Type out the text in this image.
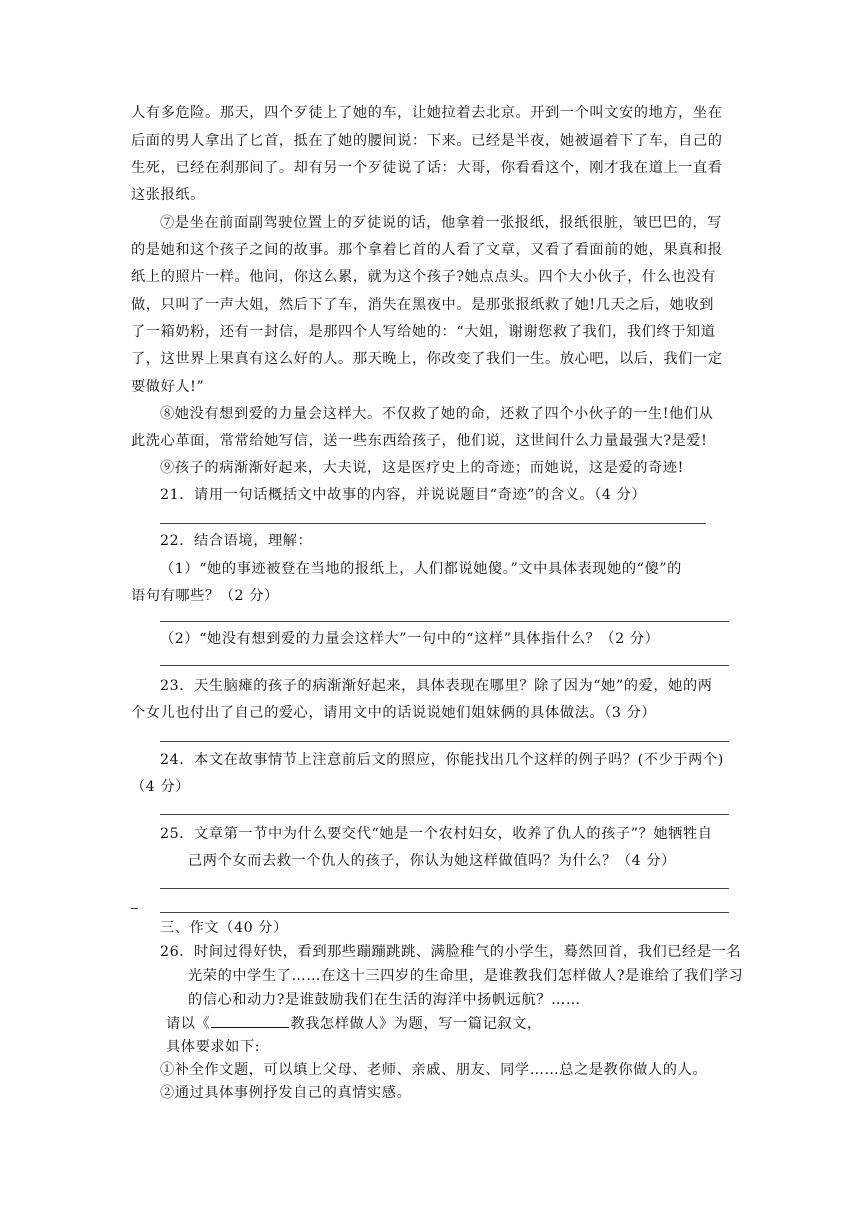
人有多危险。那天，四个歹徒上了她的车，让她拉着去北京。开到一个叫文安的地方，坐在
后面的男人拿出了匕首，抵在了她的腰间说：下来。已经是半夜，她被逼着下了车，自己的
生死，已经在刹那间了。却有另一个歹徒说了话：大哥，你看看这个，刚才我在道上一直看
这张报纸。
⑦是坐在前面副驾驶位置上的歹徒说的话，他拿着一张报纸，报纸很脏，皱巴巴的，写
的是她和这个孩子之间的故事。那个拿着匕首的人看了文章，又看了看面前的她，果真和报
纸上的照片一样。他问，你这么累，就为这个孩子?她点点头。四个大小伙子，什么也没有
做，只叫了一声大姐，然后下了车，消失在黑夜中。是那张报纸救了她!几天之后，她收到
了一箱奶粉，还有一封信，是那四个人写给她的：“大姐，谢谢您救了我们，我们终于知道
了，这世界上果真有这么好的人。那天晚上，你改变了我们一生。放心吧，以后，我们一定
要做好人!”
⑧她没有想到爱的力量会这样大。不仅救了她的命，还救了四个小伙子的一生!他们从
此洗心革面，常常给她写信，送一些东西给孩子，他们说，这世间什么力量最强大?是爱!
⑨孩子的病渐渐好起来，大夫说，这是医疗史上的奇迹；而她说，这是爱的奇迹!
21．请用一句话概括文中故事的内容，并说说题目“奇迹”的含义。（4 分）
22．结合语境，理解：
（1）“她的事迹被登在当地的报纸上，人们都说她傻。”文中具体表现她的“傻”的
语句有哪些？（2 分）
（2）“她没有想到爱的力量会这样大”一句中的“这样”具体指什么？（2 分）
23．天生脑瘫的孩子的病渐渐好起来，具体表现在哪里？除了因为“她”的爱，她的两
个女儿也付出了自己的爱心，请用文中的话说说她们姐妹俩的具体做法。（3 分）
24．本文在故事情节上注意前后文的照应，你能找出几个这样的例子吗？(不少于两个)
（4 分）
25．文章第一节中为什么要交代“她是一个农村妇女，收养了仇人的孩子”？她牺牲自
己两个女而去救一个仇人的孩子，你认为她这样做值吗？为什么？（4 分）
三、作文（40 分）
26．时间过得好快，看到那些蹦蹦跳跳、满脸稚气的小学生，蓦然回首，我们已经是一名
光荣的中学生了……在这十三四岁的生命里，是谁教我们怎样做人?是谁给了我们学习
的信心和动力?是谁鼓励我们在生活的海洋中扬帆远航？……
请以《	教我怎样做人》为题，写一篇记叙文，
具体要求如下:
①补全作文题，可以填上父母、老师、亲戚、朋友、同学……总之是教你做人的人。
②通过具体事例抒发自己的真情实感。
